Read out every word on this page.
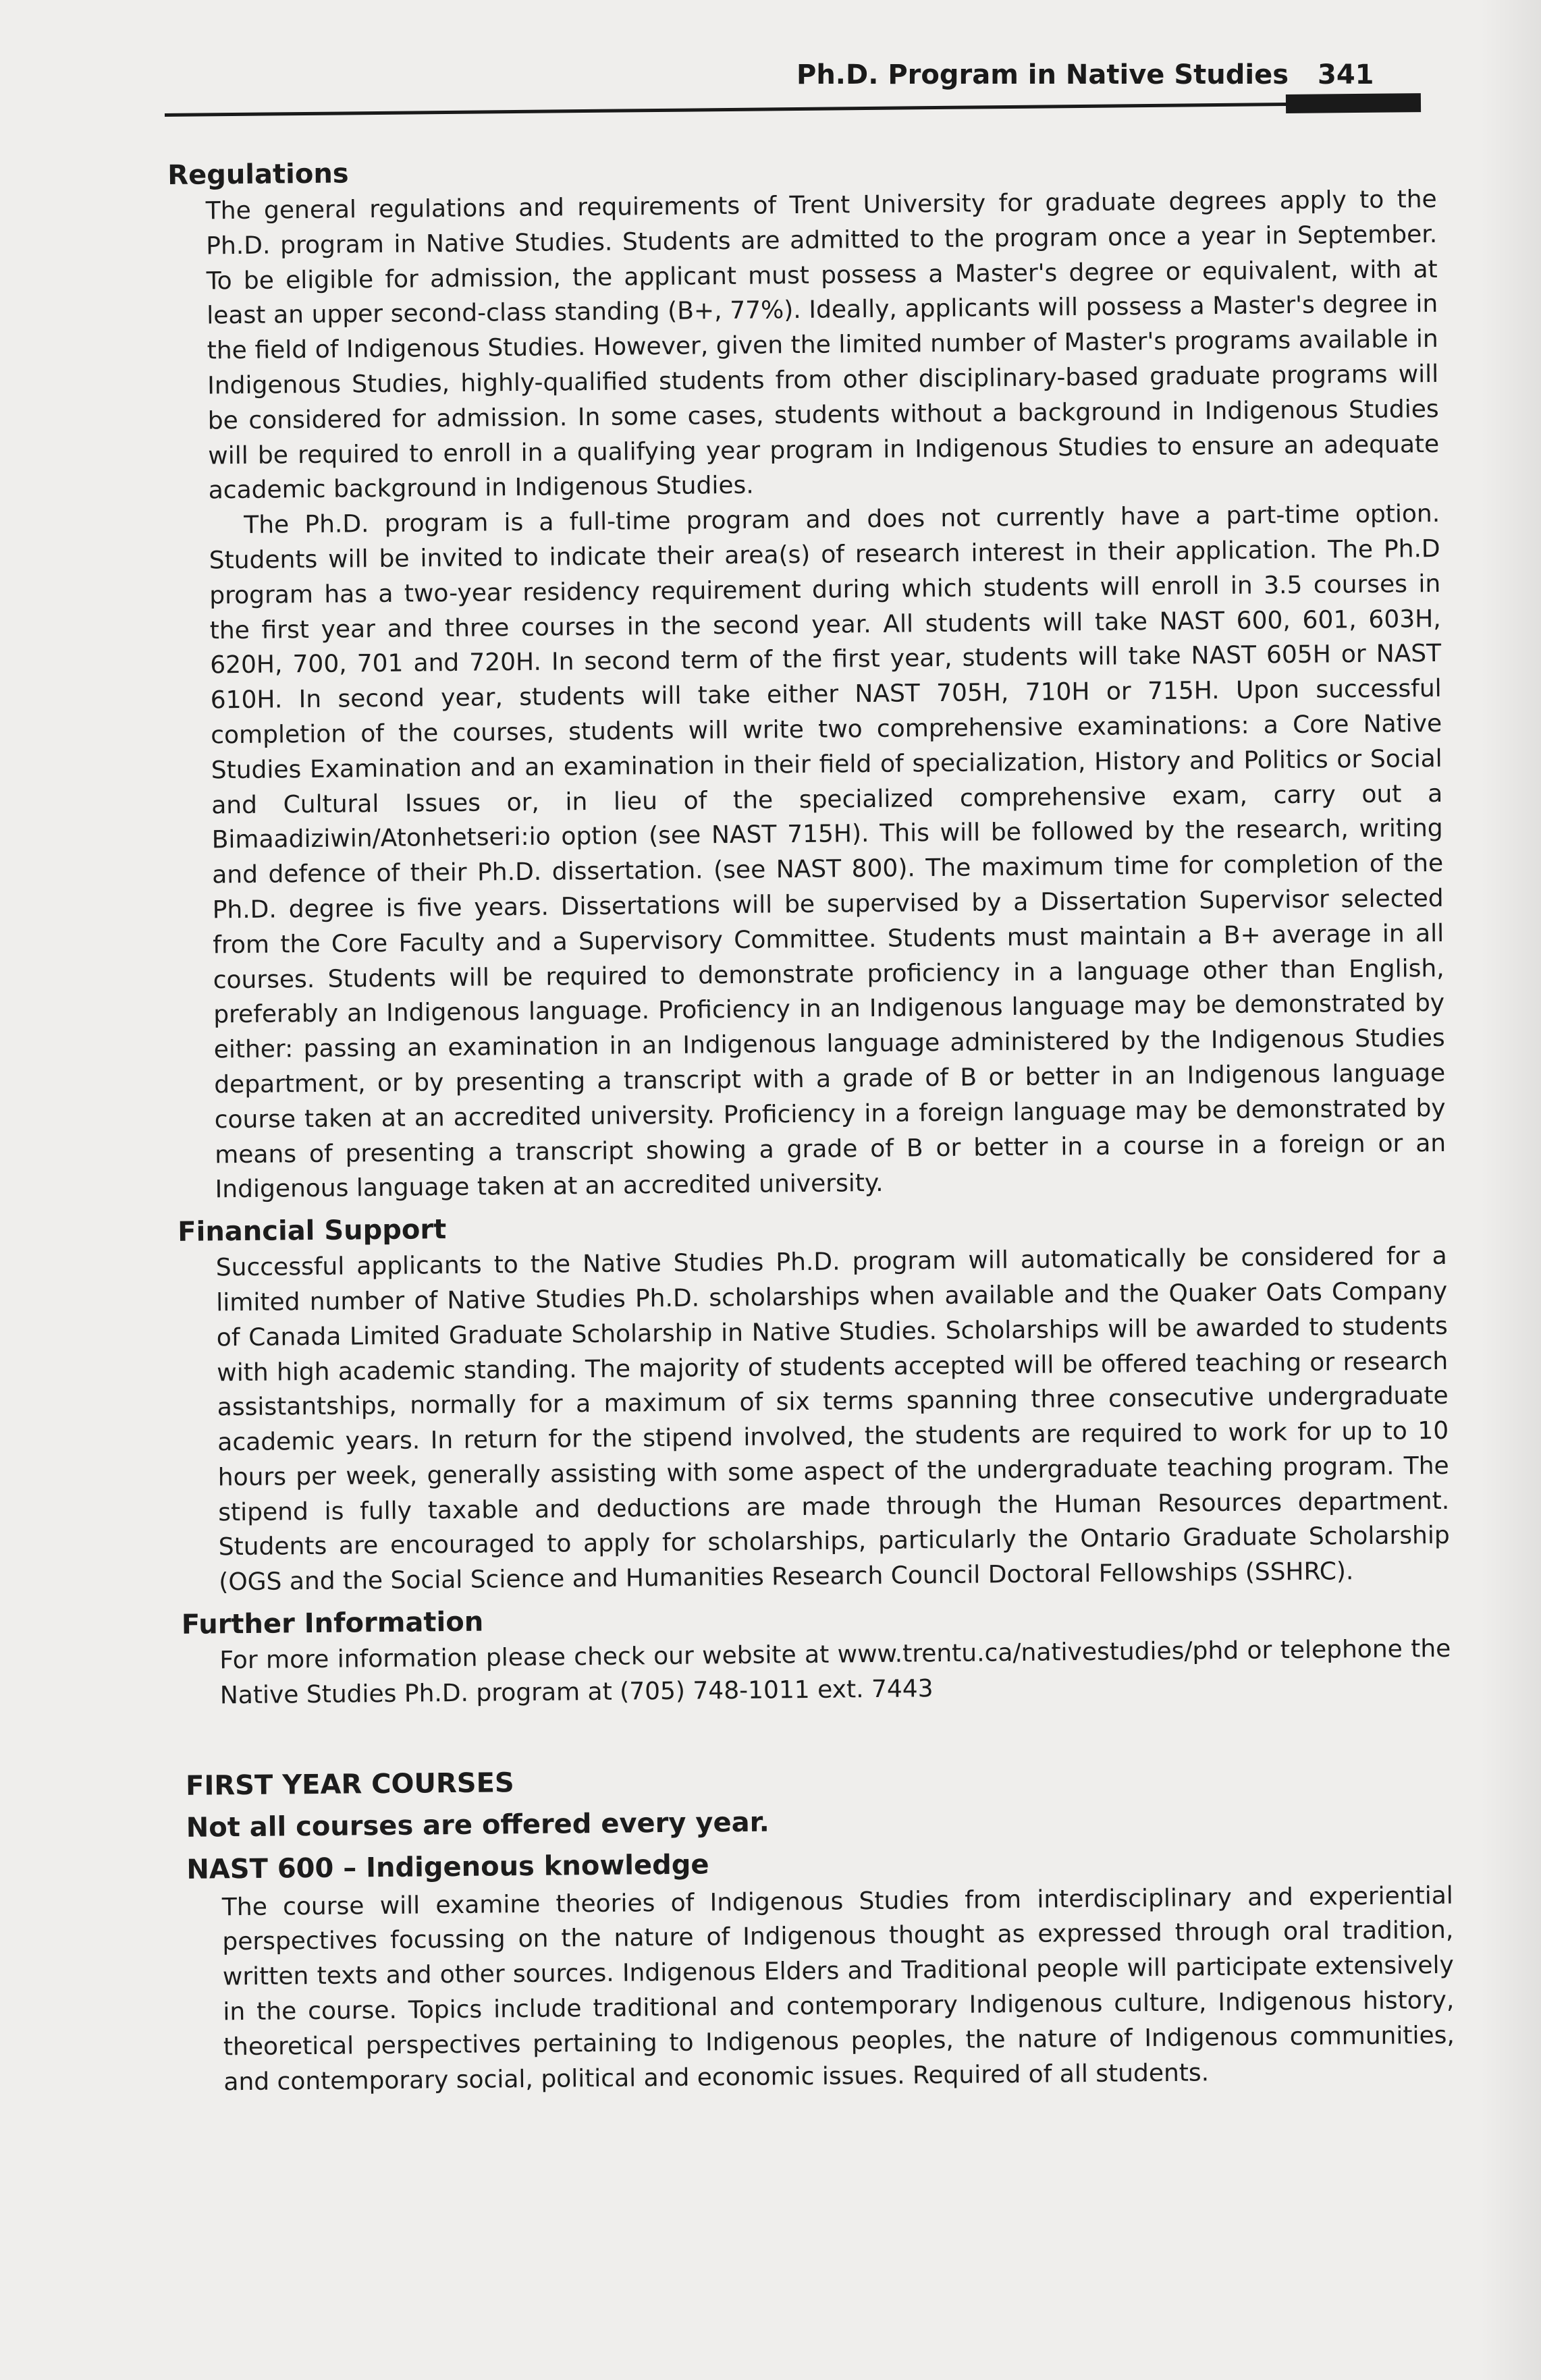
Ph.D. Program in Native Studies 341
Regulations

The general regulations and requirements of Trent University for graduate degrees apply to the Ph.D. program in Native Studies. Students are admitted to the program once a year in September. To be eligible for admission, the applicant must possess a Master's degree or equivalent, with at least an upper second-class standing (B+, 77%). Ideally, applicants will possess a Master's degree in the field of Indigenous Studies. However, given the limited number of Master's programs available in Indigenous Studies, highly-qualified students from other disciplinary-based graduate programs will be considered for admission. In some cases, students without a background in Indigenous Studies will be required to enroll in a qualifying year program in Indigenous Studies to ensure an adequate academic background in Indigenous Studies.

The Ph.D. program is a full-time program and does not currently have a part-time option. Students will be invited to indicate their area(s) of research interest in their application. The Ph.D program has a two-year residency requirement during which students will enroll in 3.5 courses in the first year and three courses in the second year. All students will take NAST 600, 601, 603H, 620H, 700, 701 and 720H. In second term of the first year, students will take NAST 605H or NAST 610H. In second year, students will take either NAST 705H, 710H or 715H. Upon successful completion of the courses, students will write two comprehensive examinations: a Core Native Studies Examination and an examination in their field of specialization, History and Politics or Social and Cultural Issues or, in lieu of the specialized comprehensive exam, carry out a Bimaadiziwin/Atonhetseri:io option (see NAST 715H). This will be followed by the research, writing and defence of their Ph.D. dissertation. (see NAST 800). The maximum time for completion of the Ph.D. degree is five years. Dissertations will be supervised by a Dissertation Supervisor selected from the Core Faculty and a Supervisory Committee. Students must maintain a B+ average in all courses. Students will be required to demonstrate proficiency in a language other than English, preferably an Indigenous language. Proficiency in an Indigenous language may be demonstrated by either: passing an examination in an Indigenous language administered by the Indigenous Studies department, or by presenting a transcript with a grade of B or better in an Indigenous language course taken at an accredited university. Proficiency in a foreign language may be demonstrated by means of presenting a transcript showing a grade of B or better in a course in a foreign or an Indigenous language taken at an accredited university.

Financial Support

Successful applicants to the Native Studies Ph.D. program will automatically be considered for a limited number of Native Studies Ph.D. scholarships when available and the Quaker Oats Company of Canada Limited Graduate Scholarship in Native Studies. Scholarships will be awarded to students with high academic standing. The majority of students accepted will be offered teaching or research assistantships, normally for a maximum of six terms spanning three consecutive undergraduate academic years. In return for the stipend involved, the students are required to work for up to 10 hours per week, generally assisting with some aspect of the undergraduate teaching program. The stipend is fully taxable and deductions are made through the Human Resources department. Students are encouraged to apply for scholarships, particularly the Ontario Graduate Scholarship (OGS and the Social Science and Humanities Research Council Doctoral Fellowships (SSHRC).

Further Information

For more information please check our website at www.trentu.ca/nativestudies/phd or telephone the Native Studies Ph.D. program at (705) 748-1011 ext. 7443

FIRST YEAR COURSES
Not all courses are offered every year.
NAST 600 – Indigenous knowledge

The course will examine theories of Indigenous Studies from interdisciplinary and experiential perspectives focussing on the nature of Indigenous thought as expressed through oral tradition, written texts and other sources. Indigenous Elders and Traditional people will participate extensively in the course. Topics include traditional and contemporary Indigenous culture, Indigenous history, theoretical perspectives pertaining to Indigenous peoples, the nature of Indigenous communities, and contemporary social, political and economic issues. Required of all students.
